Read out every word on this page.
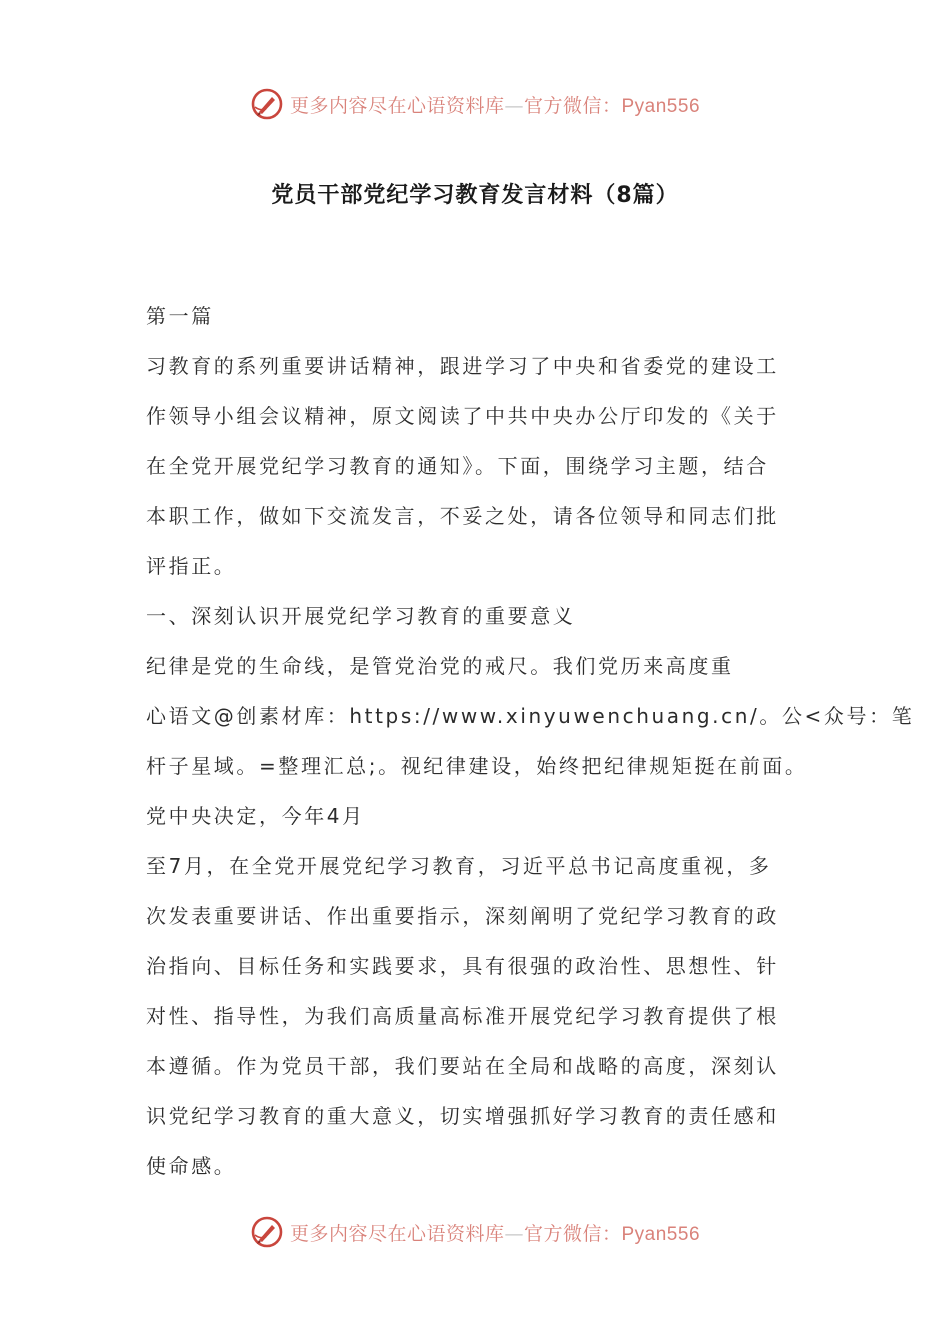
更多内容尽在心语资料库—官方微信：Pyan556
党员干部党纪学习教育发言材料（8篇）
第一篇
习教育的系列重要讲话精神，跟进学习了中央和省委党的建设工
作领导小组会议精神，原文阅读了中共中央办公厅印发的《关于
在全党开展党纪学习教育的通知》。下面，围绕学习主题，结合
本职工作，做如下交流发言，不妥之处，请各位领导和同志们批
评指正。
一、深刻认识开展党纪学习教育的重要意义
纪律是党的生命线，是管党治党的戒尺。我们党历来高度重
心语文@创素材库：https://www.xinyuwenchuang.cn/。公<众号：笔
杆子星域。=整理汇总;。视纪律建设，始终把纪律规矩挺在前面。
党中央决定，今年4月
至7月，在全党开展党纪学习教育，习近平总书记高度重视，多
次发表重要讲话、作出重要指示，深刻阐明了党纪学习教育的政
治指向、目标任务和实践要求，具有很强的政治性、思想性、针
对性、指导性，为我们高质量高标准开展党纪学习教育提供了根
本遵循。作为党员干部，我们要站在全局和战略的高度，深刻认
识党纪学习教育的重大意义，切实增强抓好学习教育的责任感和
使命感。
更多内容尽在心语资料库—官方微信：Pyan556
